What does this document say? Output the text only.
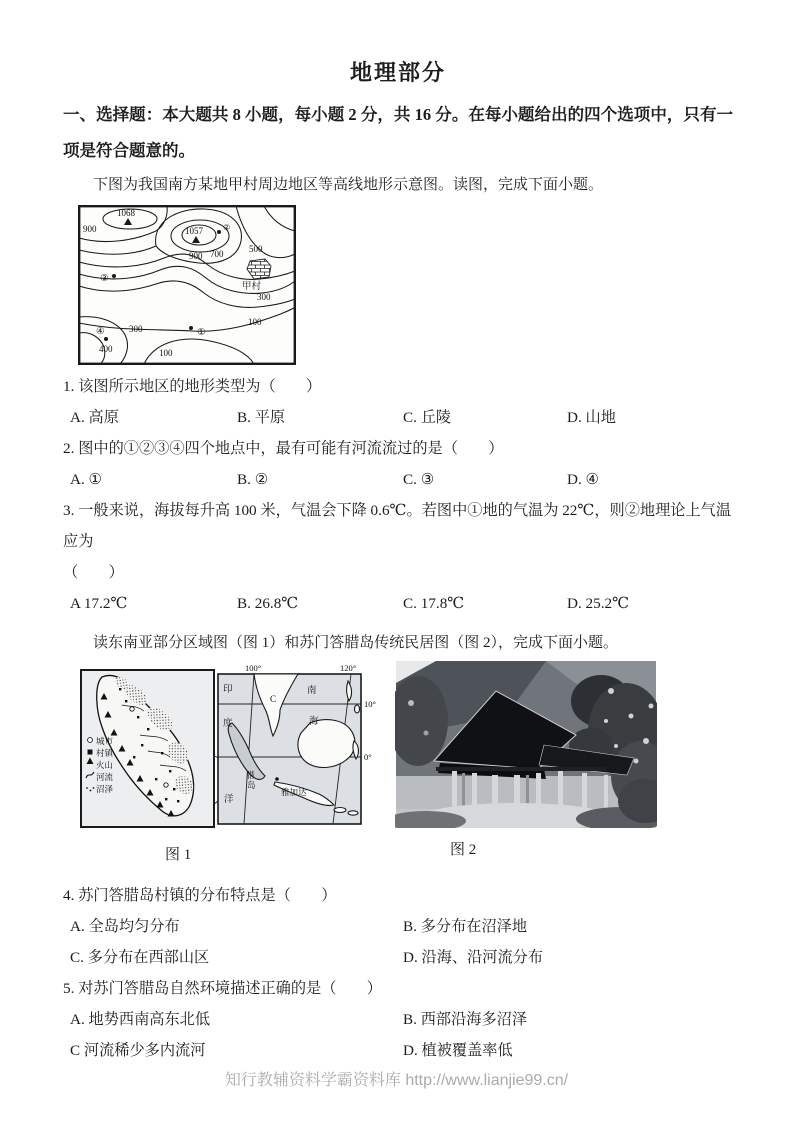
地理部分

一、选择题：本大题共 8 小题，每小题 2 分，共 16 分。在每小题给出的四个选项中，只有一项是符合题意的。

下图为我国南方某地甲村周边地区等高线地形示意图。读图，完成下面小题。

900
1068
1057
900 700	500
300
100
300
400	100
甲村
②
③
④	①

1. 该图所示地区的地形类型为（　　）

A. 高原	B. 平原	C. 丘陵	D. 山地

2. 图中的①②③④四个地点中，最有可能有河流流过的是（　　）

A. ①	B. ②	C. ③	D. ④

3. 一般来说，海拔每升高 100 米，气温会下降 0.6℃。若图中①地的气温为 22℃，则②地理论上气温应为

（　　）

A 17.2℃	B. 26.8℃	C. 17.8℃	D. 25.2℃

读东南亚部分区域图（图 1）和苏门答腊岛传统民居图（图 2），完成下面小题。

城市
村镇
火山
河流
沼泽
100°	120°
10°
0°
印
度
洋
南
海
C
腊
岛
雅加达
图 1	图 2

4. 苏门答腊岛村镇的分布特点是（　　）

A. 全岛均匀分布	B. 多分布在沼泽地
C. 多分布在西部山区	D. 沿海、沿河流分布

5. 对苏门答腊岛自然环境描述正确的是（　　）

A. 地势西南高东北低	B. 西部沿海多沼泽
C 河流稀少多内流河	D. 植被覆盖率低
知行教辅资料学霸资料库 http://www.lianjie99.cn/
